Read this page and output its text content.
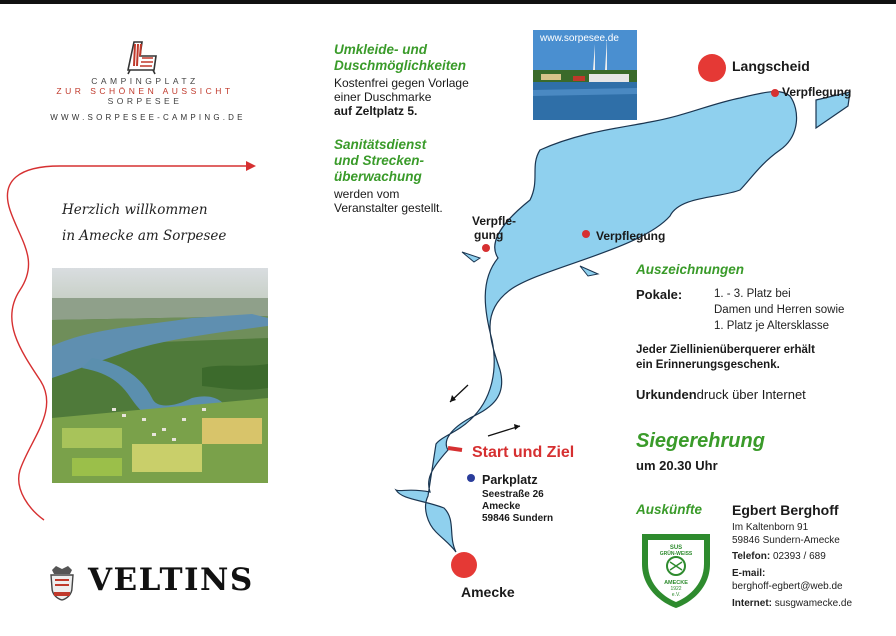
CAMPINGPLATZ
ZUR SCHÖNEN AUSSICHT
SORPESEE
WWW.SORPESEE-CAMPING.DE
Herzlich willkommen
in Amecke am Sorpesee
VELTINS
Umkleide- und Duschmöglichkeiten
Kostenfrei gegen Vorlage
einer Duschmarke
auf Zeltplatz 5.
Sanitätsdienst
und Strecken-
überwachung
werden vom
Veranstalter gestellt.
www.sorpesee.de
Langscheid
Amecke
Verpflegung
Verpflegung
Verpfle-
gung
Start und Ziel
Parkplatz
Seestraße 26
Amecke
59846 Sundern
Auszeichnungen
Pokale:	1. - 3. Platz bei
Damen und Herren sowie
1. Platz je Altersklasse
Jeder Ziellinienüberquerer erhält
ein Erinnerungsgeschenk.
Urkundendruck über Internet
Siegerehrung
um 20.30 Uhr
Auskünfte
SUS
GRÜN-WEISS
AMECKE
1922
e.V.
Egbert Berghoff
Im Kaltenborn 91
59846 Sundern-Amecke
Telefon: 02393 / 689
E-mail:
berghoff-egbert@web.de
Internet: susgwamecke.de
